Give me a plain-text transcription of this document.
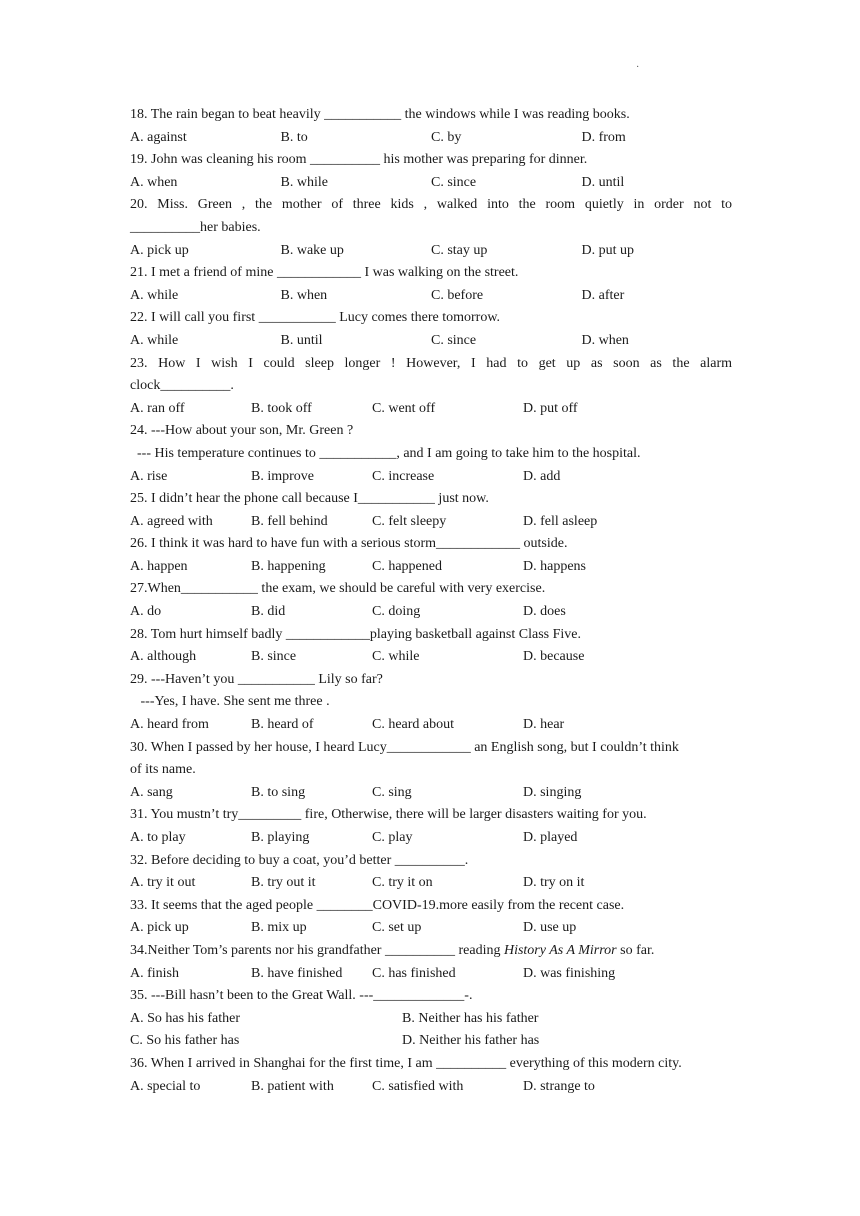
·
18. The rain began to beat heavily ___________ the windows while I was reading books.
A. against	B. to	C. by	D. from
19. John was cleaning his room __________ his mother was preparing for dinner.
A. when	B. while	C. since	D. until
20. Miss. Green , the mother of three kids , walked into the room quietly in order not to
__________her babies.
A. pick up	B. wake up	C. stay up	D. put up
21. I met a friend of mine ____________ I was walking on the street.
A. while	B. when	C. before	D. after
22. I will call you first ___________ Lucy comes there tomorrow.
A. while	B. until	C. since	D. when
23. How I wish I could sleep longer ! However, I had to get up as soon as the alarm
clock__________.
A. ran off	B. took off	C. went off	D. put off
24. ---How about your son, Mr. Green ?
--- His temperature continues to ___________, and I am going to take him to the hospital.
A. rise	B. improve	C. increase	D. add
25. I didn’t hear the phone call because I___________ just now.
A. agreed with	B. fell behind	C. felt sleepy	D. fell asleep
26. I think it was hard to have fun with a serious storm____________ outside.
A. happen	B. happening	C. happened	D. happens
27.When___________ the exam, we should be careful with very exercise.
A. do	B. did	C. doing	D. does
28. Tom hurt himself badly ____________playing basketball against Class Five.
A. although	B. since	C. while	D. because
29. ---Haven’t you ___________ Lily so far?
---Yes, I have. She sent me three .
A. heard from	B. heard of	C. heard about	D. hear
30. When I passed by her house, I heard Lucy____________ an English song, but I couldn’t think
of its name.
A. sang	B. to sing	C. sing	D. singing
31. You mustn’t try_________ fire, Otherwise, there will be larger disasters waiting for you.
A. to play	B. playing	C. play	D. played
32. Before deciding to buy a coat, you’d better __________.
A. try it out	B. try out it	C. try it on	D. try on it
33. It seems that the aged people ________COVID-19.more easily from the recent case.
A. pick up	B. mix up	C. set up	D. use up
34.Neither Tom’s parents nor his grandfather __________ reading History As A Mirror so far.
A. finish	B. have finished	C. has finished	D. was finishing
35. ---Bill hasn’t been to the Great Wall. ---_____________-.
A. So has his father	B. Neither has his father
C. So his father has	D. Neither his father has
36. When I arrived in Shanghai for the first time, I am __________ everything of this modern city.
A. special to	B. patient with	C. satisfied with	D. strange to
